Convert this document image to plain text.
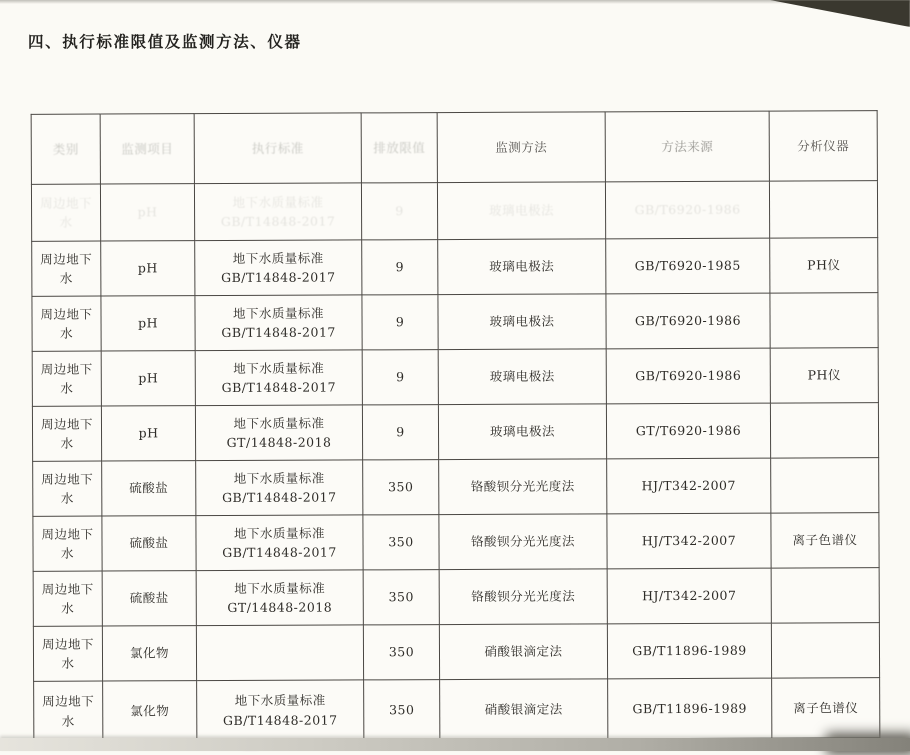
四、执行标准限值及监测方法、仪器
类别	监测项目	执行标准	排放限值	监测方法	方法来源	分析仪器
周边地下水	pH	地下水质量标准GB/T14848-2017	9	玻璃电极法	GB/T6920-1986	
周边地下水	pH	地下水质量标准GB/T14848-2017	9	玻璃电极法	GB/T6920-1985	PH仪
周边地下水	pH	地下水质量标准GB/T14848-2017	9	玻璃电极法	GB/T6920-1986	
周边地下水	pH	地下水质量标准GB/T14848-2017	9	玻璃电极法	GB/T6920-1986	PH仪
周边地下水	pH	地下水质量标准GT/14848-2018	9	玻璃电极法	GT/T6920-1986	
周边地下水	硫酸盐	地下水质量标准GB/T14848-2017	350	铬酸钡分光光度法	HJ/T342-2007	
周边地下水	硫酸盐	地下水质量标准GB/T14848-2017	350	铬酸钡分光光度法	HJ/T342-2007	离子色谱仪
周边地下水	硫酸盐	地下水质量标准GT/14848-2018	350	铬酸钡分光光度法	HJ/T342-2007	
周边地下水	氯化物		350	硝酸银滴定法	GB/T11896-1989	
周边地下水	氯化物	地下水质量标准GB/T14848-2017	350	硝酸银滴定法	GB/T11896-1989	离子色谱仪
